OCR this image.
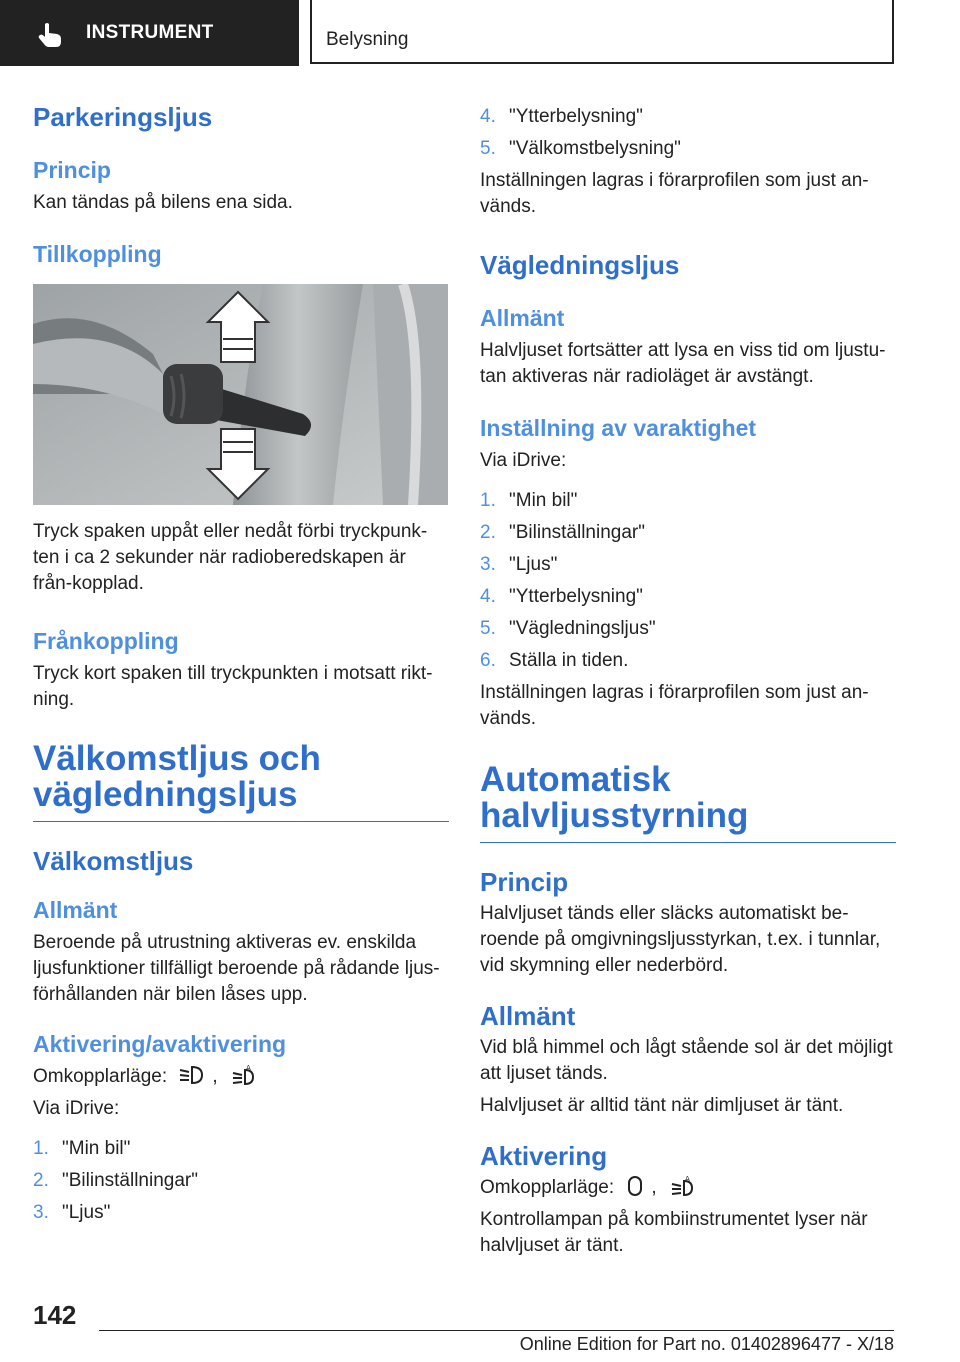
INSTRUMENT	Belysning
Parkeringsljus
Princip

Kan tändas på bilens ena sida.

Tillkoppling

Tryck spaken uppåt eller nedåt förbi tryckpunk-ten i ca 2 sekunder när radioberedskapen är från-kopplad.

Frånkoppling

Tryck kort spaken till tryckpunkten i motsatt rikt-ning.

Välkomstljus och vägledningsljus
Välkomstljus
Allmänt

Beroende på utrustning aktiveras ev. enskilda ljusfunktioner tillfälligt beroende på rådande ljus-förhållanden när bilen låses upp.

Aktivering/avaktivering

Omkopplarläge: ,	A

Via iDrive:

1. "Min bil"
2. "Bilinställningar"
3. "Ljus"
4. "Ytterbelysning"
5. "Välkomstbelysning"

Inställningen lagras i förarprofilen som just an-vänds.

Vägledningsljus
Allmänt

Halvljuset fortsätter att lysa en viss tid om ljustu-tan aktiveras när radioläget är avstängt.

Inställning av varaktighet

Via iDrive:

1. "Min bil"
2. "Bilinställningar"
3. "Ljus"
4. "Ytterbelysning"
5. "Vägledningsljus"
6. Ställa in tiden.

Inställningen lagras i förarprofilen som just an-vänds.

Automatisk halvljusstyrning
Princip

Halvljuset tänds eller släcks automatiskt be-roende på omgivningsljusstyrkan, t.ex. i tunnlar, vid skymning eller nederbörd.

Allmänt

Vid blå himmel och lågt stående sol är det möjligt att ljuset tänds.

Halvljuset är alltid tänt när dimljuset är tänt.

Aktivering

Omkopplarläge: ,	A

Kontrollampan på kombiinstrumentet lyser när halvljuset är tänt.

142
Online Edition for Part no. 01402896477 - X/18
